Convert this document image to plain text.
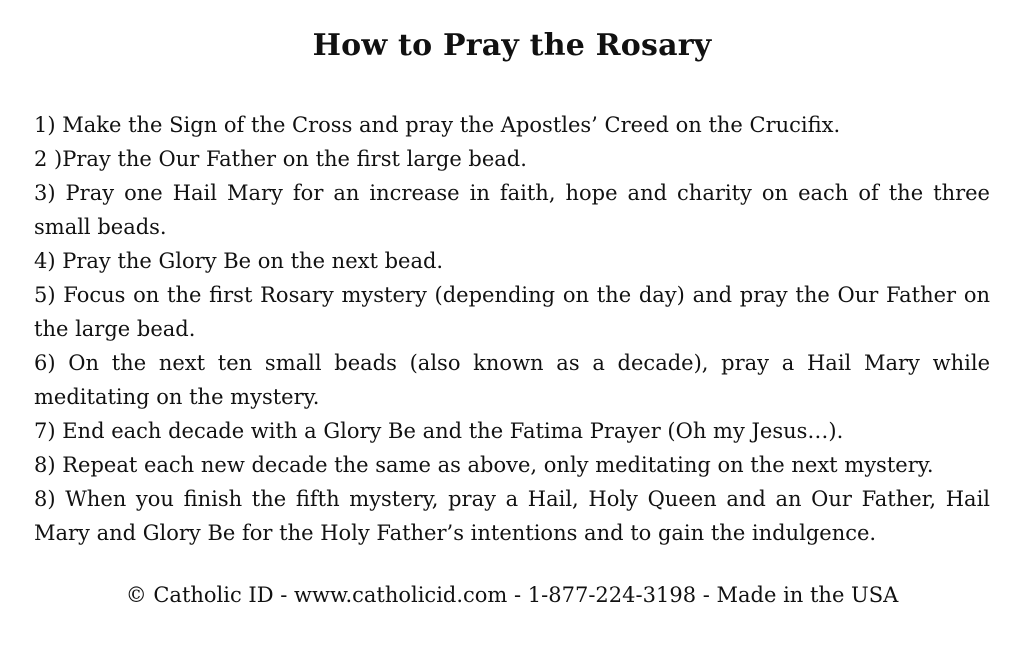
How to Pray the Rosary
1) Make the Sign of the Cross and pray the Apostles’ Creed on the Crucifix.
2 )Pray the Our Father on the first large bead.
3) Pray one Hail Mary for an increase in faith, hope and charity on each of the three small beads.
4) Pray the Glory Be on the next bead.
5) Focus on the first Rosary mystery (depending on the day) and pray the Our Father on the large bead.
6) On the next ten small beads (also known as a decade), pray a Hail Mary while meditating on the mystery.
7) End each decade with a Glory Be and the Fatima Prayer (Oh my Jesus…).
8) Repeat each new decade the same as above, only meditating on the next mystery.
8) When you finish the fifth mystery, pray a Hail, Holy Queen and an Our Father, Hail Mary and Glory Be for the Holy Father’s intentions and to gain the indulgence.
© Catholic ID - www.catholicid.com - 1-877-224-3198 - Made in the USA
